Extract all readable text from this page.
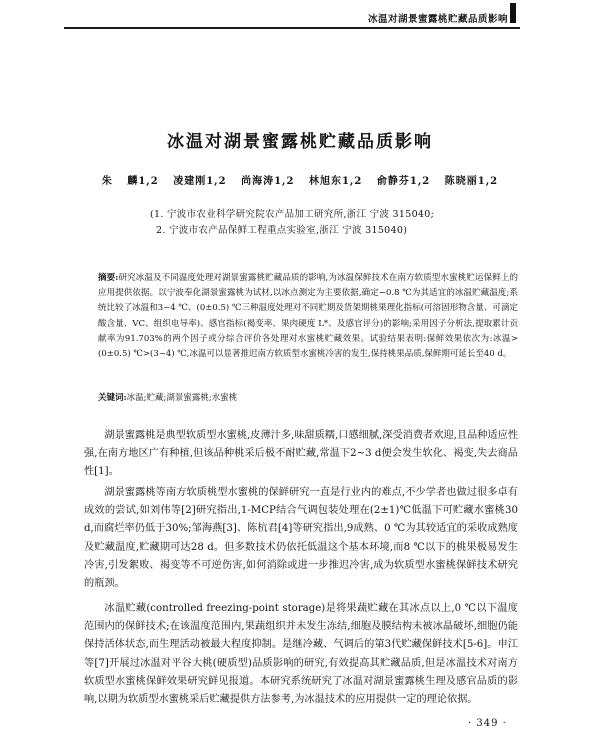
冰温对湖景蜜露桃贮藏品质影响
冰温对湖景蜜露桃贮藏品质影响
朱 麟1,2 凌建刚1,2 尚海涛1,2 林旭东1,2 俞静芬1,2 陈晓丽1,2
(1. 宁波市农业科学研究院农产品加工研究所,浙江 宁波 315040;
2. 宁波市农产品保鲜工程重点实验室,浙江 宁波 315040)
摘要:研究冰温及不同温度处理对湖景蜜露桃贮藏品质的影响,为冰温保鲜技术在南方软质型水蜜桃贮运保鲜上的应用提供依据。以宁波奉化湖景蜜露桃为试材,以冰点测定为主要依据,确定−0.8 ℃为其适宜的冰温贮藏温度;系统比较了冰温和3~4 ℃、(0±0.5) ℃三种温度处理对不同贮期及货架期桃果理化指标(可溶固形物含量、可滴定酸含量、VC、组织电导率)、感官指标(褐变率、果肉硬度 L*、及感官评分)的影响;采用因子分析法,提取累计贡献率为91.703%的两个因子或分综合评价各处理对水蜜桃贮藏效果。试验结果表明:保鲜效果依次为:冰温>(0±0.5) ℃>(3~4) ℃,冰温可以显著推迟南方软质型水蜜桃冷害的发生,保持桃果品质,保鲜期可延长至40 d。
关键词:冰温;贮藏;湖景蜜露桃;水蜜桃

湖景蜜露桃是典型软质型水蜜桃,皮薄汁多,味甜质糯,口感细腻,深受消费者欢迎,且品种适应性强,在南方地区广有种植,但该品种桃采后极不耐贮藏,常温下2~3 d便会发生软化、褐变,失去商品性[1]。

湖景蜜露桃等南方软质桃型水蜜桃的保鲜研究一直是行业内的难点,不少学者也做过很多卓有成效的尝试,如刘伟等[2]研究指出,1-MCP结合气调包装处理在(2±1)℃低温下可贮藏水蜜桃30 d,而腐烂率仍低于30%;邹海燕[3]、陈杭君[4]等研究指出,9成熟、0 ℃为其较适宜的采收成熟度及贮藏温度,贮藏期可达28 d。但多数技术仍依托低温这个基本环境,而8 ℃以下的桃果极易发生冷害,引发絮败、褐变等不可逆伤害,如何消除或进一步推迟冷害,成为软质型水蜜桃保鲜技术研究的瓶颈。

冰温贮藏(controlled freezing-point storage)是将果蔬贮藏在其冰点以上,0 ℃以下温度范围内的保鲜技术;在该温度范围内,果蔬组织并未发生冻结,细胞及膜结构未被冰晶破坏,细胞仍能保持活体状态,而生理活动被最大程度抑制。是继冷藏、气调后的第3代贮藏保鲜技术[5-6]。申江等[7]开展过冰温对平谷大桃(硬质型)品质影响的研究,有效提高其贮藏品质,但是冰温技术对南方软质型水蜜桃保鲜效果研究鲜见报道。本研究系统研究了冰温对湖景蜜露桃生理及感官品质的影响,以期为软质型水蜜桃采后贮藏提供方法参考,为冰温技术的应用提供一定的理论依据。

· 349 ·
